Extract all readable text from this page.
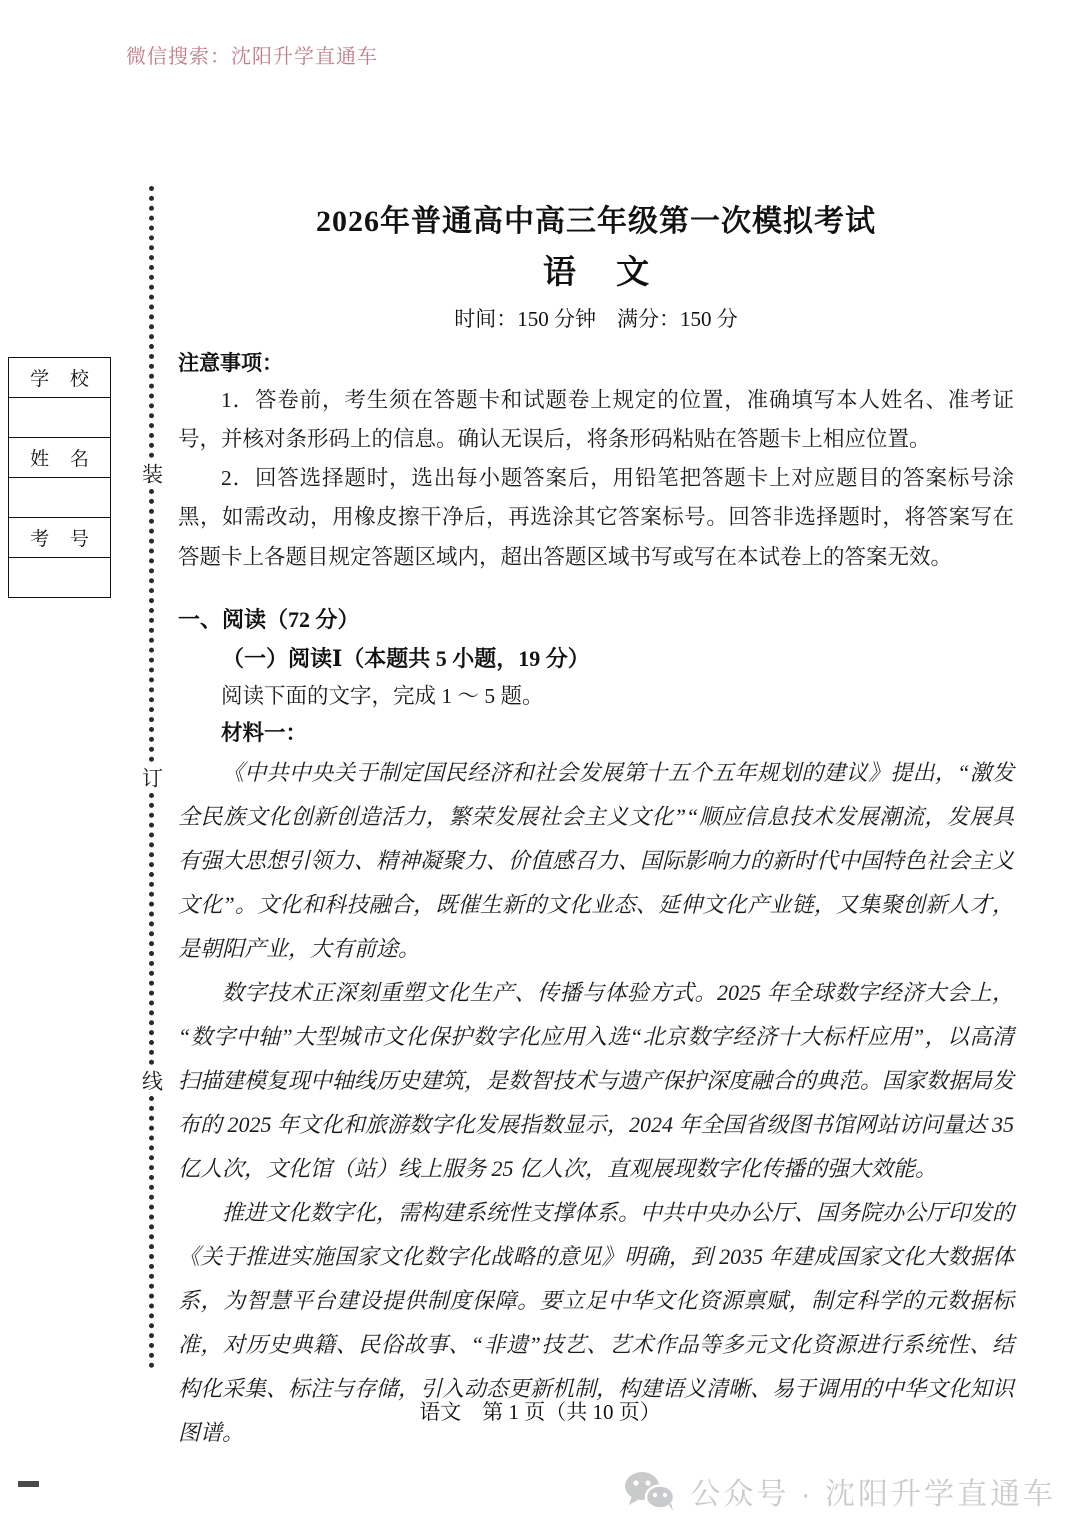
微信搜索：沈阳升学直通车
学 校
姓 名
考 号
装
订
线
2026年普通高中高三年级第一次模拟考试
语 文
时间：150 分钟　满分：150 分
注意事项：

1．答卷前，考生须在答题卡和试题卷上规定的位置，准确填写本人姓名、准考证号，并核对条形码上的信息。确认无误后，将条形码粘贴在答题卡上相应位置。

2．回答选择题时，选出每小题答案后，用铅笔把答题卡上对应题目的答案标号涂黑，如需改动，用橡皮擦干净后，再选涂其它答案标号。回答非选择题时，将答案写在答题卡上各题目规定答题区域内，超出答题区域书写或写在本试卷上的答案无效。

一、阅读（72 分）
（一）阅读Ⅰ（本题共 5 小题，19 分）
阅读下面的文字，完成 1 ～ 5 题。
材料一：

《中共中央关于制定国民经济和社会发展第十五个五年规划的建议》提出，“激发全民族文化创新创造活力，繁荣发展社会主义文化”“顺应信息技术发展潮流，发展具有强大思想引领力、精神凝聚力、价值感召力、国际影响力的新时代中国特色社会主义文化”。文化和科技融合，既催生新的文化业态、延伸文化产业链，又集聚创新人才，是朝阳产业，大有前途。

数字技术正深刻重塑文化生产、传播与体验方式。2025 年全球数字经济大会上，“数字中轴”大型城市文化保护数字化应用入选“北京数字经济十大标杆应用”，以高清扫描建模复现中轴线历史建筑，是数智技术与遗产保护深度融合的典范。国家数据局发布的 2025 年文化和旅游数字化发展指数显示，2024 年全国省级图书馆网站访问量达 35 亿人次，文化馆（站）线上服务 25 亿人次，直观展现数字化传播的强大效能。

推进文化数字化，需构建系统性支撑体系。中共中央办公厅、国务院办公厅印发的《关于推进实施国家文化数字化战略的意见》明确，到 2035 年建成国家文化大数据体系，为智慧平台建设提供制度保障。要立足中华文化资源禀赋，制定科学的元数据标准，对历史典籍、民俗故事、“非遗”技艺、艺术作品等多元文化资源进行系统性、结构化采集、标注与存储，引入动态更新机制，构建语义清晰、易于调用的中华文化知识图谱。

语文　第 1 页（共 10 页）
公众号 · 沈阳升学直通车
